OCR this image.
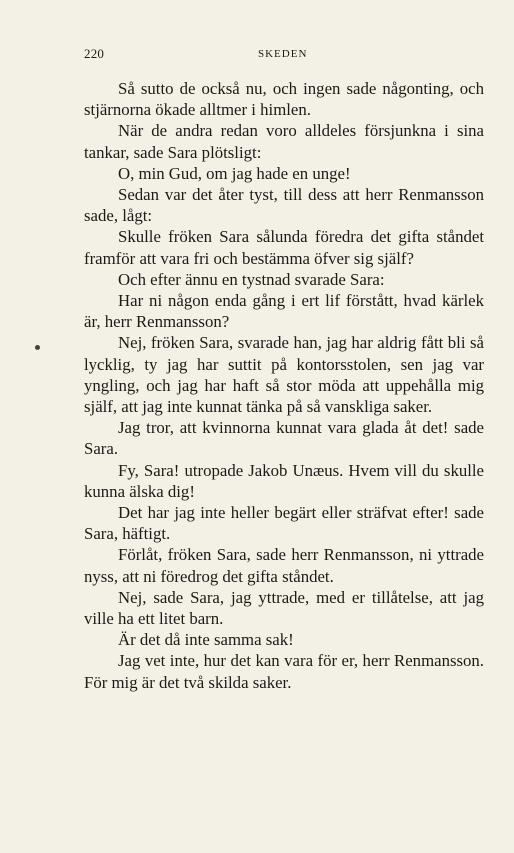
220	SKEDEN

Så sutto de också nu, och ingen sade någonting, och stjärnorna ökade alltmer i himlen.

När de andra redan voro alldeles försjunkna i sina tankar, sade Sara plötsligt:

O, min Gud, om jag hade en unge!

Sedan var det åter tyst, till dess att herr Renmansson sade, lågt:

Skulle fröken Sara sålunda föredra det gifta ståndet framför att vara fri och bestämma öfver sig själf?

Och efter ännu en tystnad svarade Sara:

Har ni någon enda gång i ert lif förstått, hvad kärlek är, herr Renmansson?

Nej, fröken Sara, svarade han, jag har aldrig fått bli så lycklig, ty jag har suttit på kontorsstolen, sen jag var yngling, och jag har haft så stor möda att uppehålla mig själf, att jag inte kunnat tänka på så vanskliga saker.

Jag tror, att kvinnorna kunnat vara glada åt det! sade Sara.

Fy, Sara! utropade Jakob Unæus. Hvem vill du skulle kunna älska dig!

Det har jag inte heller begärt eller sträfvat efter! sade Sara, häftigt.

Förlåt, fröken Sara, sade herr Renmansson, ni yttrade nyss, att ni föredrog det gifta ståndet.

Nej, sade Sara, jag yttrade, med er tillåtelse, att jag ville ha ett litet barn.

Är det då inte samma sak!

Jag vet inte, hur det kan vara för er, herr Renmansson. För mig är det två skilda saker.
